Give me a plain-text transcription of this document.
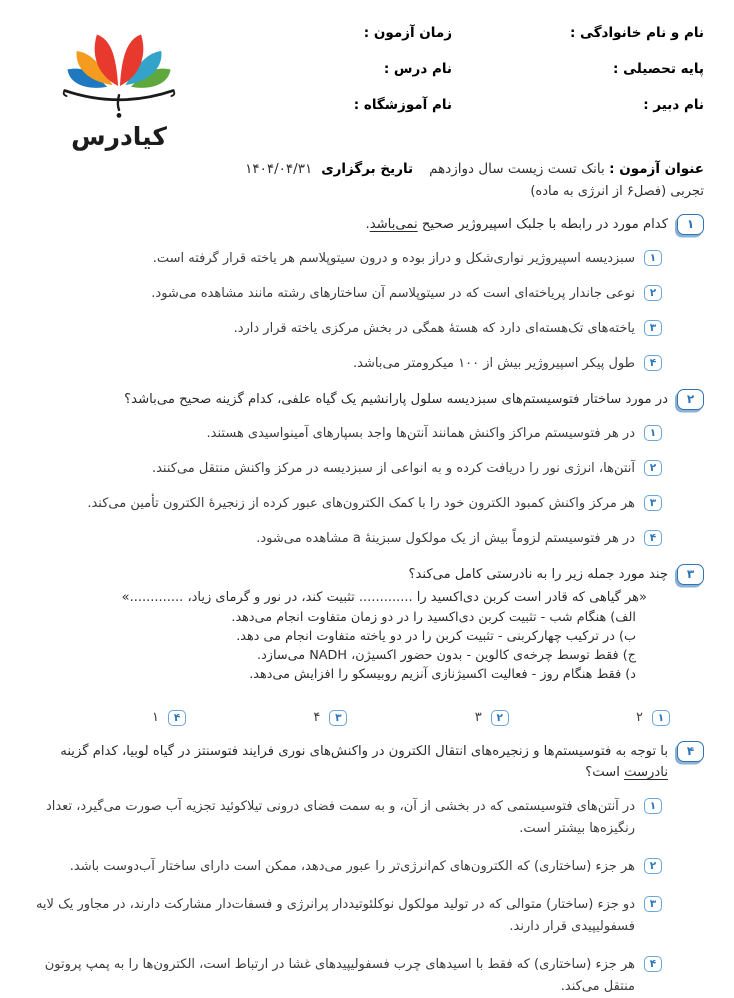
نام و نام خانوادگی :
پایه تحصیلی :
نام دبیر :
زمان آزمون :
نام درس :
نام آموزشگاه :
کیادرس
عنوان آزمون : بانک تست زیست سال دوازدهم
تاریخ برگزاری
۱۴۰۴/۰۴/۳۱
تجربی (فصل۶ از انرژی به ماده)
۱
کدام مورد در رابطه با جلبک اسپیروژیر صحیح نمی‌باشد.
۱
سبزدیسه اسپیروژیر نواری‌شکل و دراز بوده و درون سیتوپلاسم هر یاخته قرار گرفته است.
۲
نوعی جاندار پریاخته‌ای است که در سیتوپلاسم آن ساختارهای رشته مانند مشاهده می‌شود.
۳
یاخته‌های تک‌هسته‌ای دارد که هستهٔ همگی در بخش مرکزی یاخته قرار دارد.
۴
طول پیکر اسپیروژیر بیش از ۱۰۰ میکرومتر می‌باشد.
۲
در مورد ساختار فتوسیستم‌های سبزدیسه سلول پارانشیم یک گیاه علفی، کدام گزینه صحیح می‌باشد؟
۱
در هر فتوسیستم مراکز واکنش همانند آنتن‌ها واجد بسپارهای آمینواسیدی هستند.
۲
آنتن‌ها، انرژی نور را دریافت کرده و به انواعی از سبزدیسه در مرکز واکنش منتقل می‌کنند.
۳
هر مرکز واکنش کمبود الکترون خود را با کمک الکترون‌های عبور کرده از زنجیرهٔ الکترون تأمین می‌کند.
۴
در هر فتوسیستم لزوماً بیش از یک مولکول سبزینهٔ a مشاهده می‌شود.
۳
چند مورد جمله زیر را به نادرستی کامل می‌کند؟
«هر گیاهی که قادر است کربن دی‌اکسید را ............. تثبیت کند، در نور و گرمای زیاد، .............»
الف) هنگام شب - تثبیت کربن دی‌اکسید را در دو زمان متفاوت انجام می‌دهد.
ب) در ترکیب چهارکربنی - تثبیت کربن را در دو یاخته متفاوت انجام می دهد.
ج) فقط توسط چرخه‌ی کالوین - بدون حضور اکسیژن، NADH می‌سازد.
د) فقط هنگام روز - فعالیت اکسیژنازی آنزیم روبیسکو را افزایش می‌دهد.
۱
۲
۲
۳
۳
۴
۴
۱
۴
با توجه به فتوسیستم‌ها و زنجیره‌های انتقال الکترون در واکنش‌های نوری فرایند فتوسنتز در گیاه لوبیا، کدام گزینه نادرست است؟
۱
در آنتن‌های فتوسیستمی که در بخشی از آن، و به سمت فضای درونی تیلاکوئید تجزیه آب صورت می‌گیرد، تعداد رنگیزه‌ها بیشتر است.
۲
هر جزء (ساختاری) که الکترون‌های کم‌انرژی‌تر را عبور می‌دهد، ممکن است دارای ساختار آب‌دوست باشد.
۳
دو جزء (ساختار) متوالی که در تولید مولکول نوکلئوتیددار پرانرژی و فسفات‌دار مشارکت دارند، در مجاور یک لایه فسفولیپیدی قرار دارند.
۴
هر جزء (ساختاری) که فقط با اسیدهای چرب فسفولیپیدهای غشا در ارتباط است، الکترون‌ها را به پمپ پروتون منتقل می‌کند.
